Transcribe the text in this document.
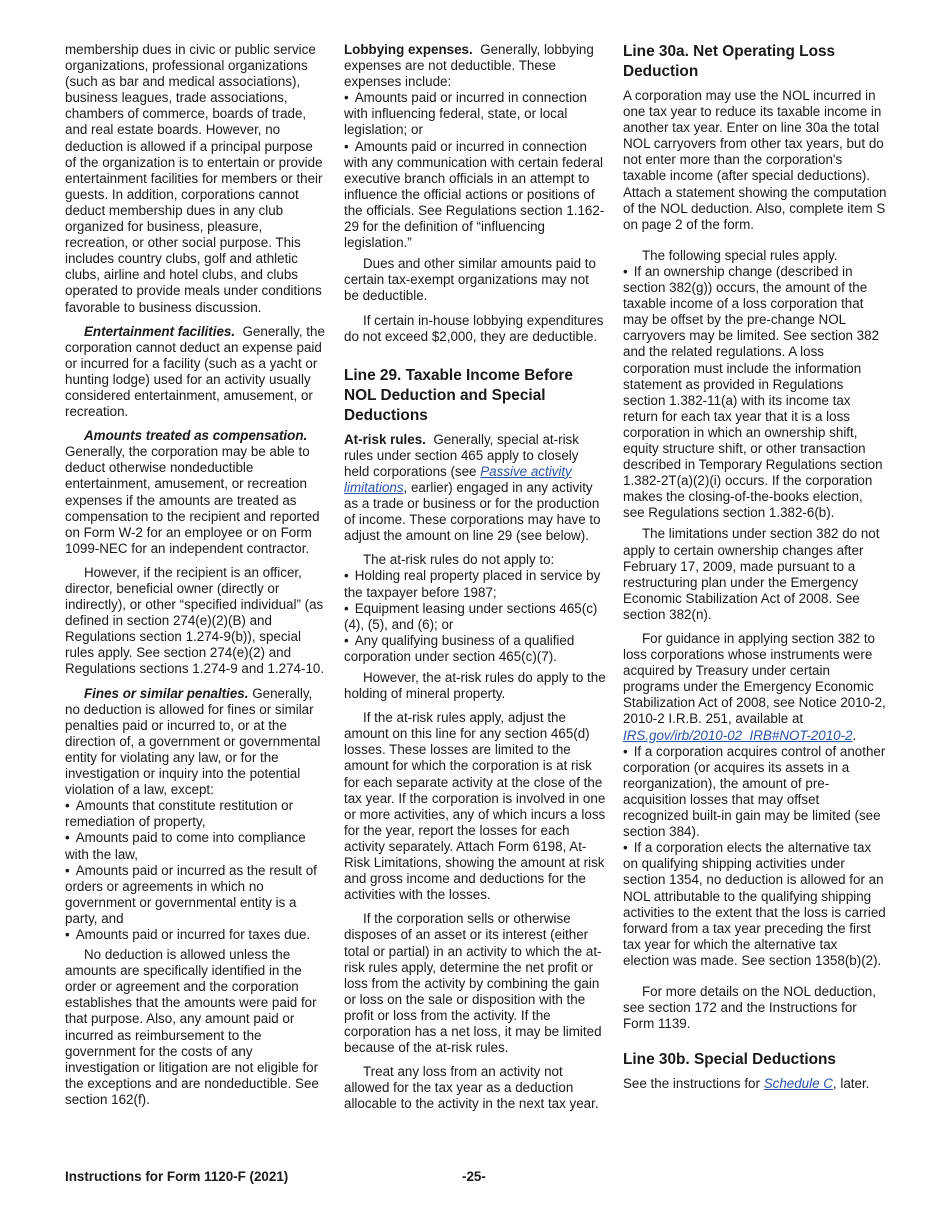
membership dues in civic or public service organizations, professional organizations (such as bar and medical associations), business leagues, trade associations, chambers of commerce, boards of trade, and real estate boards. However, no deduction is allowed if a principal purpose of the organization is to entertain or provide entertainment facilities for members or their guests. In addition, corporations cannot deduct membership dues in any club organized for business, pleasure, recreation, or other social purpose. This includes country clubs, golf and athletic clubs, airline and hotel clubs, and clubs operated to provide meals under conditions favorable to business discussion.

Entertainment facilities. Generally, the corporation cannot deduct an expense paid or incurred for a facility (such as a yacht or hunting lodge) used for an activity usually considered entertainment, amusement, or recreation.

Amounts treated as compensation. Generally, the corporation may be able to deduct otherwise nondeductible entertainment, amusement, or recreation expenses if the amounts are treated as compensation to the recipient and reported on Form W-2 for an employee or on Form 1099-NEC for an independent contractor.

However, if the recipient is an officer, director, beneficial owner (directly or indirectly), or other “specified individual” (as defined in section 274(e)(2)(B) and Regulations section 1.274-9(b)), special rules apply. See section 274(e)(2) and Regulations sections 1.274-9 and 1.274-10.

Fines or similar penalties. Generally, no deduction is allowed for fines or similar penalties paid or incurred to, or at the direction of, a government or governmental entity for violating any law, or for the investigation or inquiry into the potential violation of a law, except:

• Amounts that constitute restitution or remediation of property,
• Amounts paid to come into compliance with the law,
• Amounts paid or incurred as the result of orders or agreements in which no government or governmental entity is a party, and
• Amounts paid or incurred for taxes due.

No deduction is allowed unless the amounts are specifically identified in the order or agreement and the corporation establishes that the amounts were paid for that purpose. Also, any amount paid or incurred as reimbursement to the government for the costs of any investigation or litigation are not eligible for the exceptions and are nondeductible. See section 162(f).

Lobbying expenses. Generally, lobbying expenses are not deductible. These expenses include:

• Amounts paid or incurred in connection with influencing federal, state, or local legislation; or
• Amounts paid or incurred in connection with any communication with certain federal executive branch officials in an attempt to influence the official actions or positions of the officials. See Regulations section 1.162-29 for the definition of “influencing legislation.”

Dues and other similar amounts paid to certain tax-exempt organizations may not be deductible.

If certain in-house lobbying expenditures do not exceed $2,000, they are deductible.

Line 29. Taxable Income Before NOL Deduction and Special Deductions

At-risk rules. Generally, special at-risk rules under section 465 apply to closely held corporations (see Passive activity limitations, earlier) engaged in any activity as a trade or business or for the production of income. These corporations may have to adjust the amount on line 29 (see below).

The at-risk rules do not apply to:

• Holding real property placed in service by the taxpayer before 1987;
• Equipment leasing under sections 465(c)(4), (5), and (6); or
• Any qualifying business of a qualified corporation under section 465(c)(7).

However, the at-risk rules do apply to the holding of mineral property.

If the at-risk rules apply, adjust the amount on this line for any section 465(d) losses. These losses are limited to the amount for which the corporation is at risk for each separate activity at the close of the tax year. If the corporation is involved in one or more activities, any of which incurs a loss for the year, report the losses for each activity separately. Attach Form 6198, At-Risk Limitations, showing the amount at risk and gross income and deductions for the activities with the losses.

If the corporation sells or otherwise disposes of an asset or its interest (either total or partial) in an activity to which the at-risk rules apply, determine the net profit or loss from the activity by combining the gain or loss on the sale or disposition with the profit or loss from the activity. If the corporation has a net loss, it may be limited because of the at-risk rules.

Treat any loss from an activity not allowed for the tax year as a deduction allocable to the activity in the next tax year.

Line 30a. Net Operating Loss Deduction

A corporation may use the NOL incurred in one tax year to reduce its taxable income in another tax year. Enter on line 30a the total NOL carryovers from other tax years, but do not enter more than the corporation's taxable income (after special deductions). Attach a statement showing the computation of the NOL deduction. Also, complete item S on page 2 of the form.

The following special rules apply.

• If an ownership change (described in section 382(g)) occurs, the amount of the taxable income of a loss corporation that may be offset by the pre-change NOL carryovers may be limited. See section 382 and the related regulations. A loss corporation must include the information statement as provided in Regulations section 1.382-11(a) with its income tax return for each tax year that it is a loss corporation in which an ownership shift, equity structure shift, or other transaction described in Temporary Regulations section 1.382-2T(a)(2)(i) occurs. If the corporation makes the closing-of-the-books election, see Regulations section 1.382-6(b).

The limitations under section 382 do not apply to certain ownership changes after February 17, 2009, made pursuant to a restructuring plan under the Emergency Economic Stabilization Act of 2008. See section 382(n).

For guidance in applying section 382 to loss corporations whose instruments were acquired by Treasury under certain programs under the Emergency Economic Stabilization Act of 2008, see Notice 2010-2, 2010-2 I.R.B. 251, available at IRS.gov/irb/2010-02_IRB#NOT-2010-2.

• If a corporation acquires control of another corporation (or acquires its assets in a reorganization), the amount of pre-acquisition losses that may offset recognized built-in gain may be limited (see section 384).
• If a corporation elects the alternative tax on qualifying shipping activities under section 1354, no deduction is allowed for an NOL attributable to the qualifying shipping activities to the extent that the loss is carried forward from a tax year preceding the first tax year for which the alternative tax election was made. See section 1358(b)(2).

For more details on the NOL deduction, see section 172 and the Instructions for Form 1139.

Line 30b. Special Deductions

See the instructions for Schedule C, later.

Instructions for Form 1120-F (2021)	-25-
